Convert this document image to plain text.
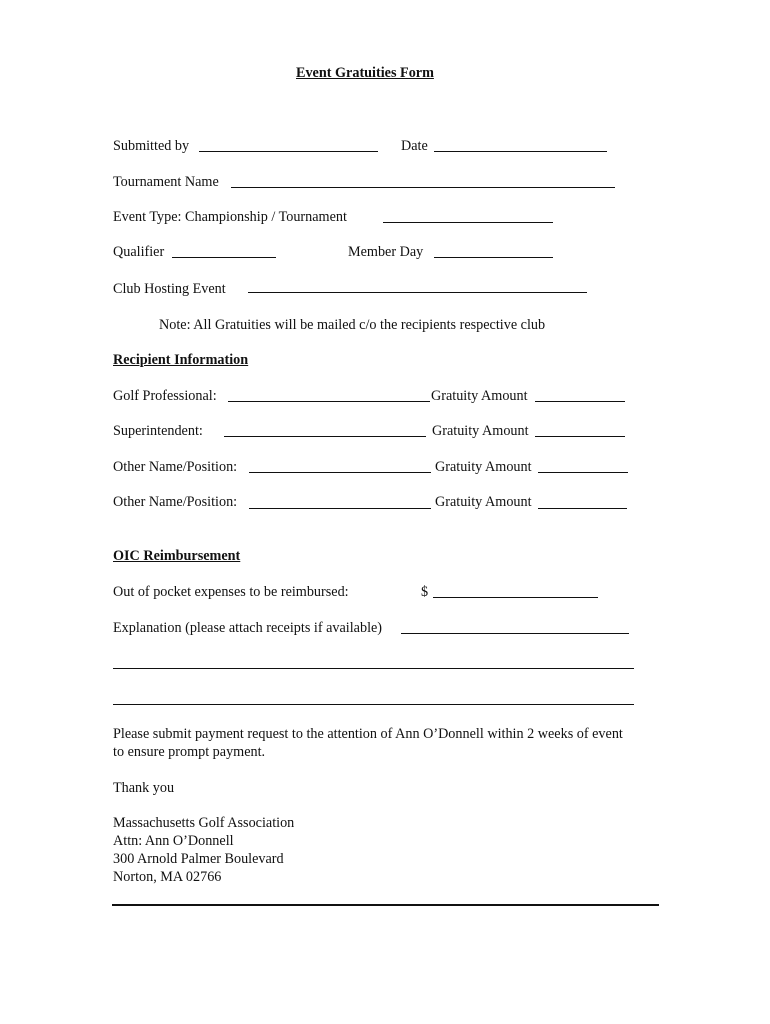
Event Gratuities Form
Submitted by	Date
Tournament Name
Event Type: Championship / Tournament
Qualifier	Member Day
Club Hosting Event
Note: All Gratuities will be mailed c/o the recipients respective club
Recipient Information
Golf Professional:	Gratuity Amount
Superintendent:	Gratuity Amount
Other Name/Position:	Gratuity Amount
Other Name/Position:	Gratuity Amount
OIC Reimbursement
Out of pocket expenses to be reimbursed:	$
Explanation (please attach receipts if available)
Please submit payment request to the attention of Ann O’Donnell within 2 weeks of event
to ensure prompt payment.
Thank you
Massachusetts Golf Association
Attn: Ann O’Donnell
300 Arnold Palmer Boulevard
Norton, MA 02766
